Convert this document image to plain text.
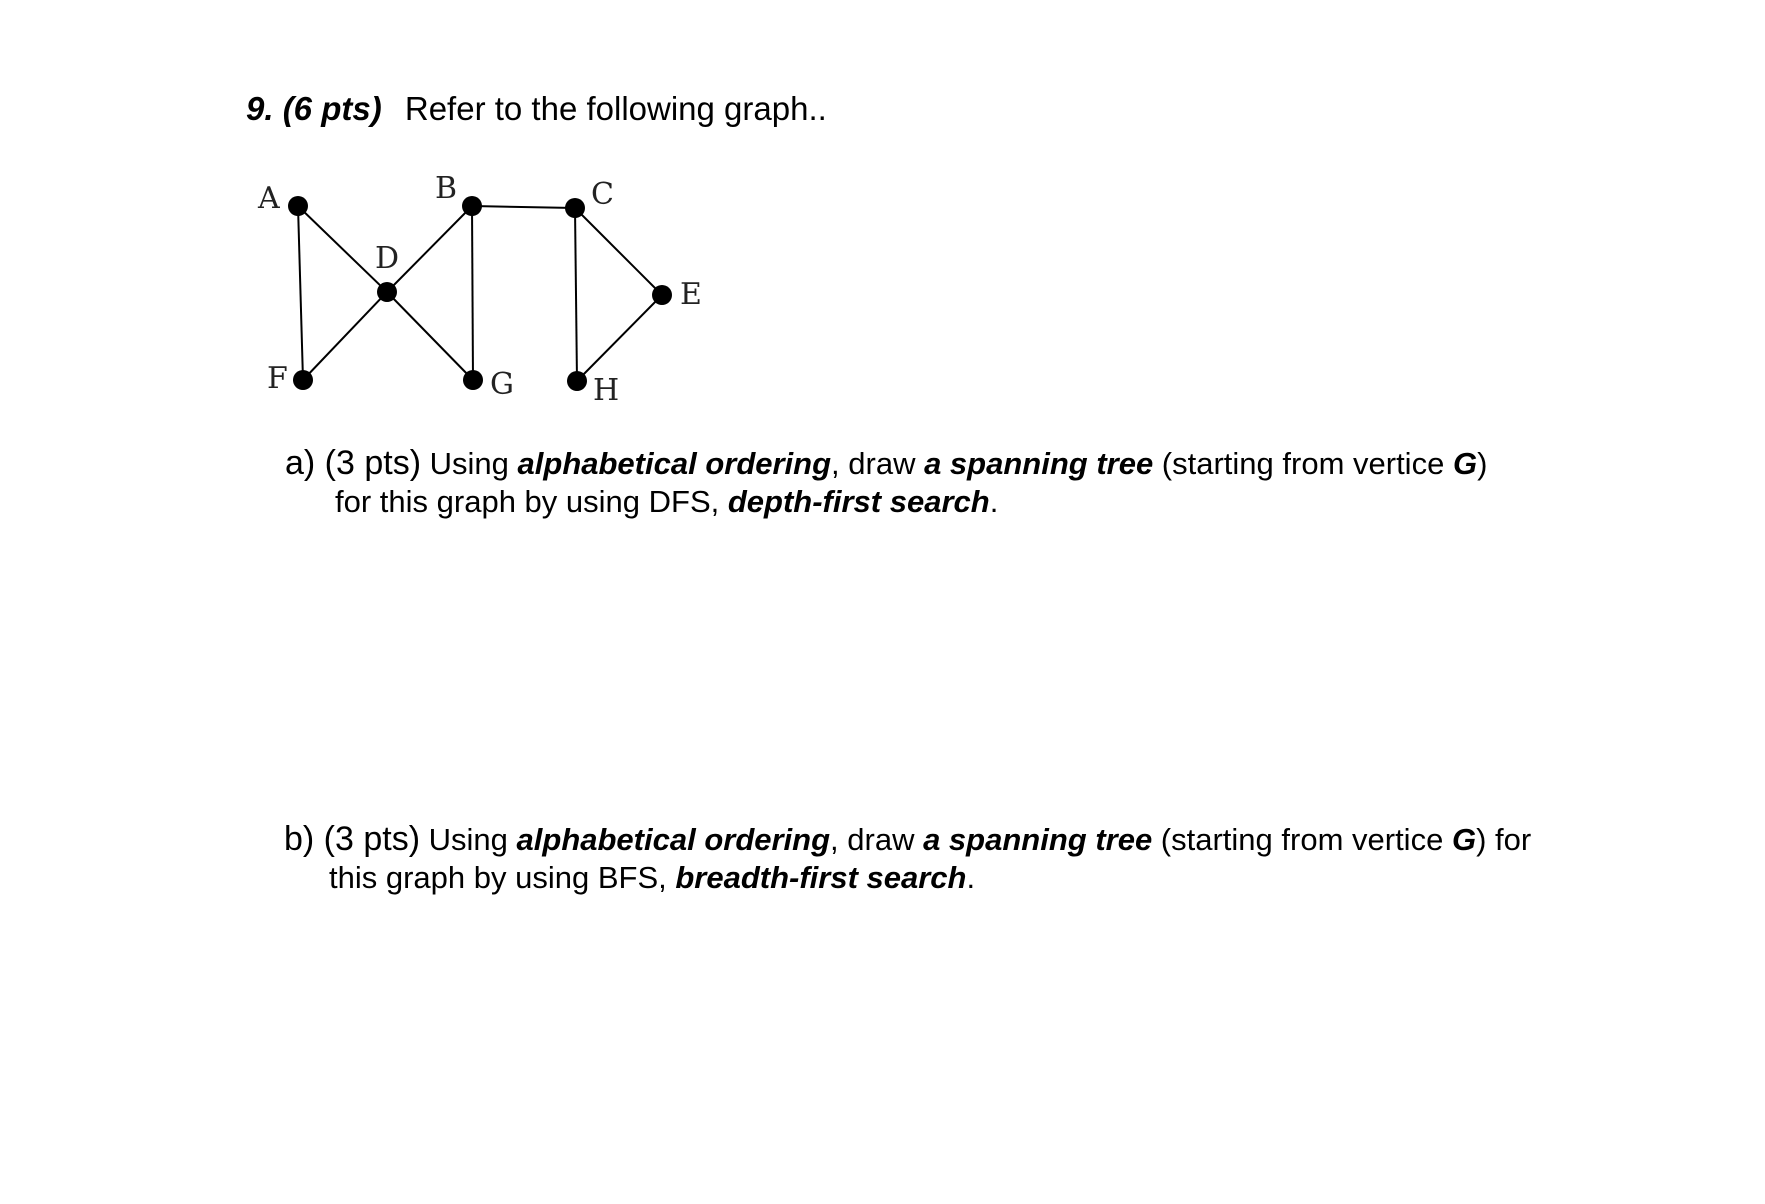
9. (6 pts) Refer to the following graph..
A	B	C
D
E
F	G	H
a) (3 pts) Using alphabetical ordering, draw a spanning tree (starting from vertice G)
for this graph by using DFS, depth-first search.
b) (3 pts) Using alphabetical ordering, draw a spanning tree (starting from vertice G) for
this graph by using BFS, breadth-first search.
